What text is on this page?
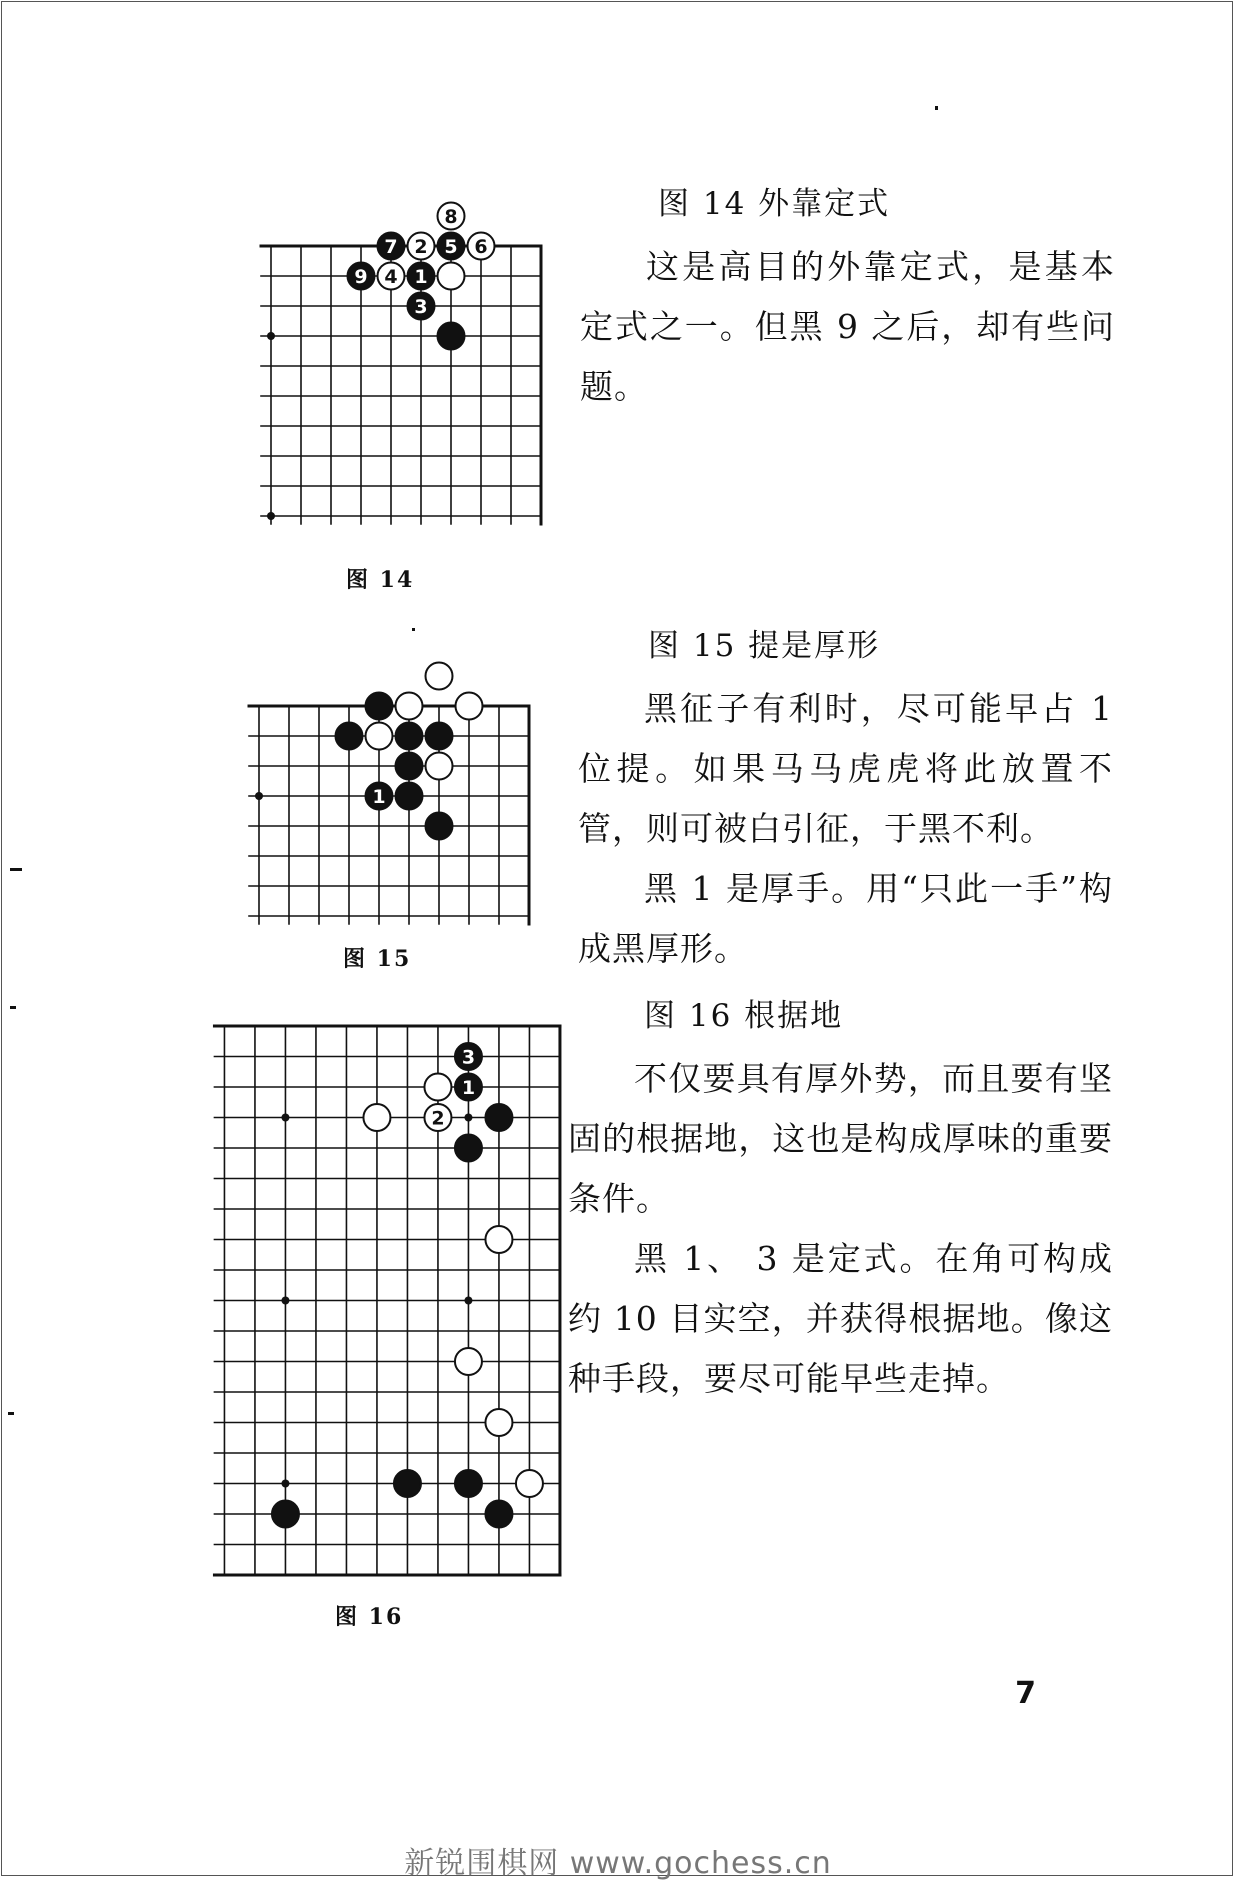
8
7 2 5 6
9 4 1
3
图 14
图 14 外靠定式

这是高目的外靠定式，是基本定式之一。但黑 9 之后，却有些问题。

1
图 15
图 15 提是厚形

黑征子有利时，尽可能早占 1 位提。如果马马虎虎将此放置不管，则可被白引征，于黑不利。

黑 1 是厚手。用“只此一手”构成黑厚形。

3
1
2
图 16
图 16 根据地

不仅要具有厚外势，而且要有坚固的根据地，这也是构成厚味的重要条件。

黑 1、 3 是定式。在角可构成约 10 目实空，并获得根据地。像这种手段，要尽可能早些走掉。

7
新锐围棋网 www.gochess.cn
